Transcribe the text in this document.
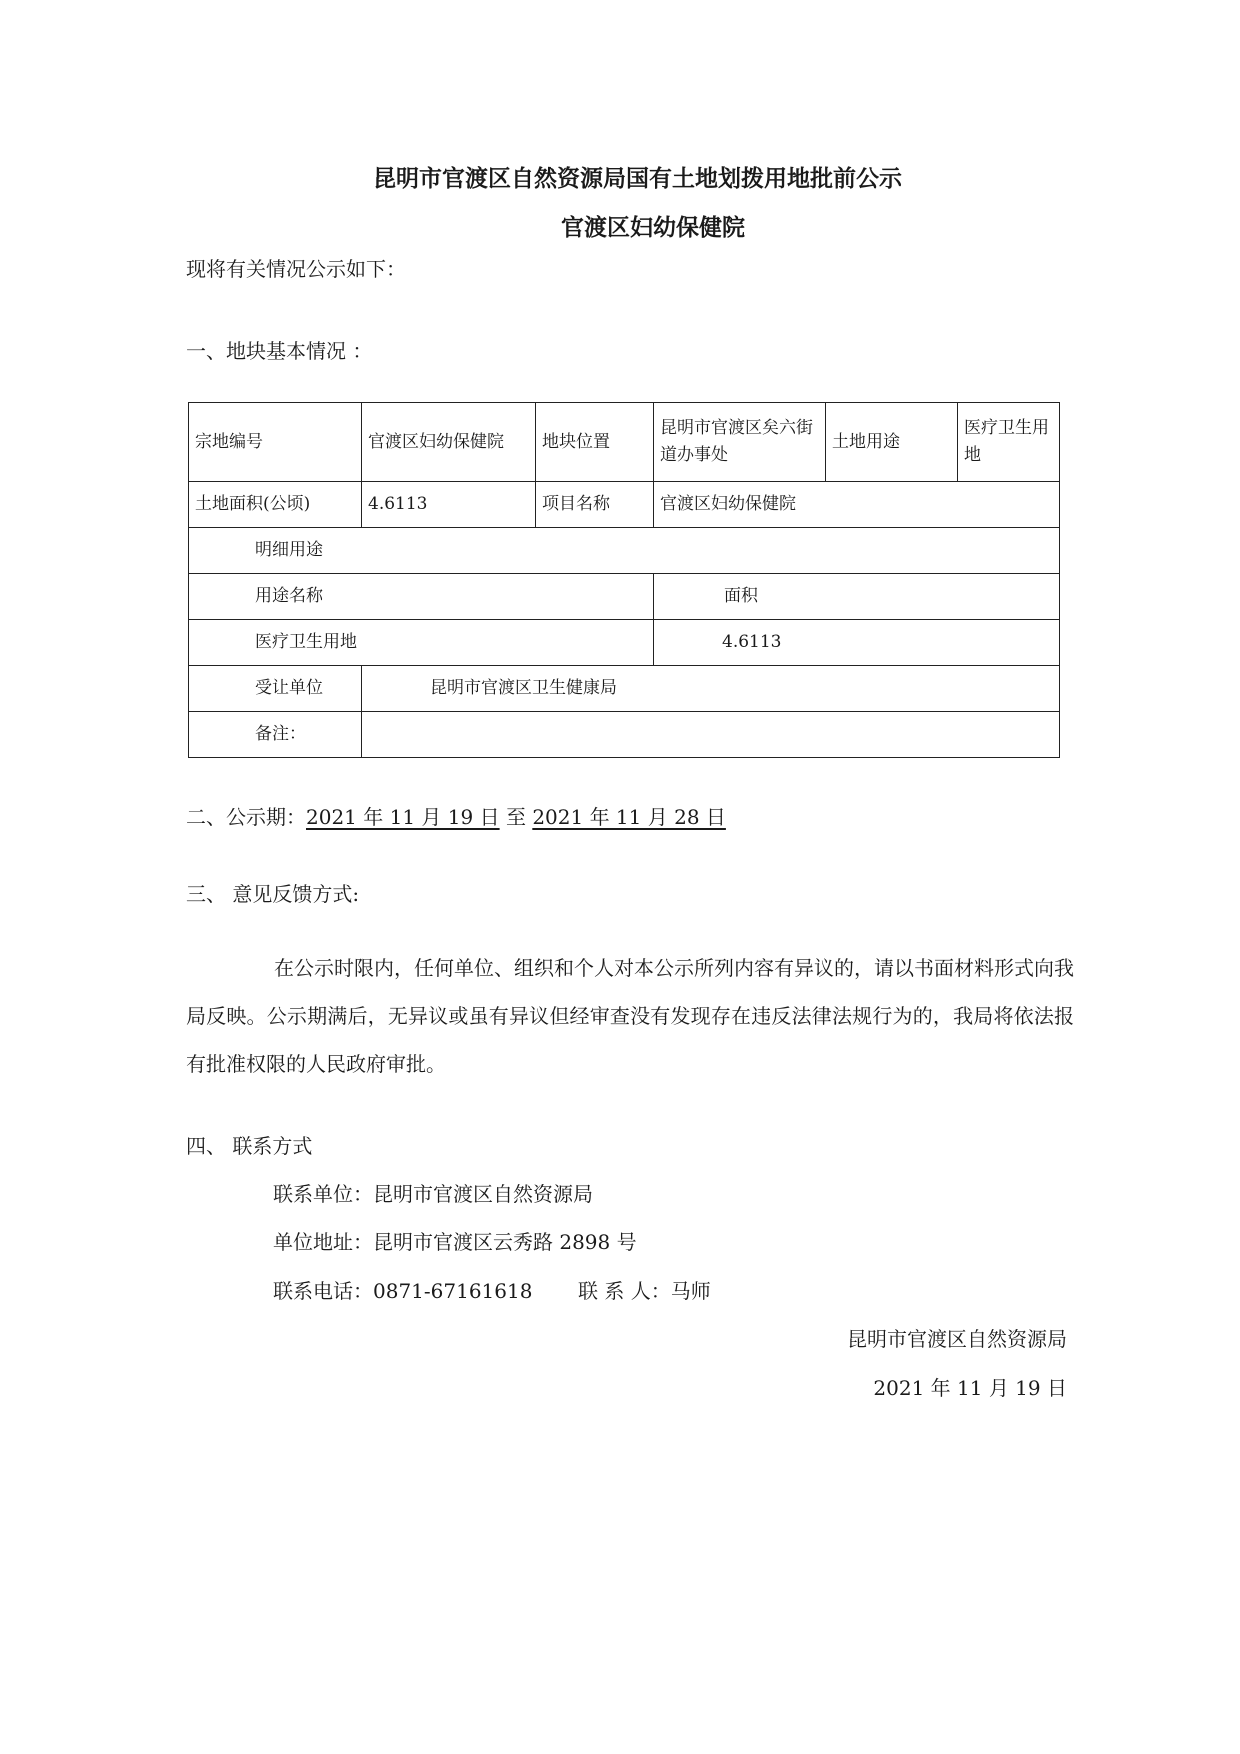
昆明市官渡区自然资源局国有土地划拨用地批前公示
官渡区妇幼保健院
现将有关情况公示如下：
一、地块基本情况 ：
宗地编号	官渡区妇幼保健院	地块位置	昆明市官渡区矣六街道办事处	土地用途	医疗卫生用地
土地面积(公顷)	4.6113	项目名称	官渡区妇幼保健院		
明细用途					
用途名称			面积		
医疗卫生用地			4.6113		
受让单位	昆明市官渡区卫生健康局				
备注：					
二、公示期：2021 年 11 月 19 日 至 2021 年 11 月 28 日
三、 意见反馈方式:
在公示时限内，任何单位、组织和个人对本公示所列内容有异议的，请以书面材料形式向我局反映。公示期满后，无异议或虽有异议但经审查没有发现存在违反法律法规行为的，我局将依法报有批准权限的人民政府审批。
四、 联系方式
联系单位：昆明市官渡区自然资源局
单位地址：昆明市官渡区云秀路 2898 号
联系电话：0871-67161618 联 系 人：马师
昆明市官渡区自然资源局
2021 年 11 月 19 日
